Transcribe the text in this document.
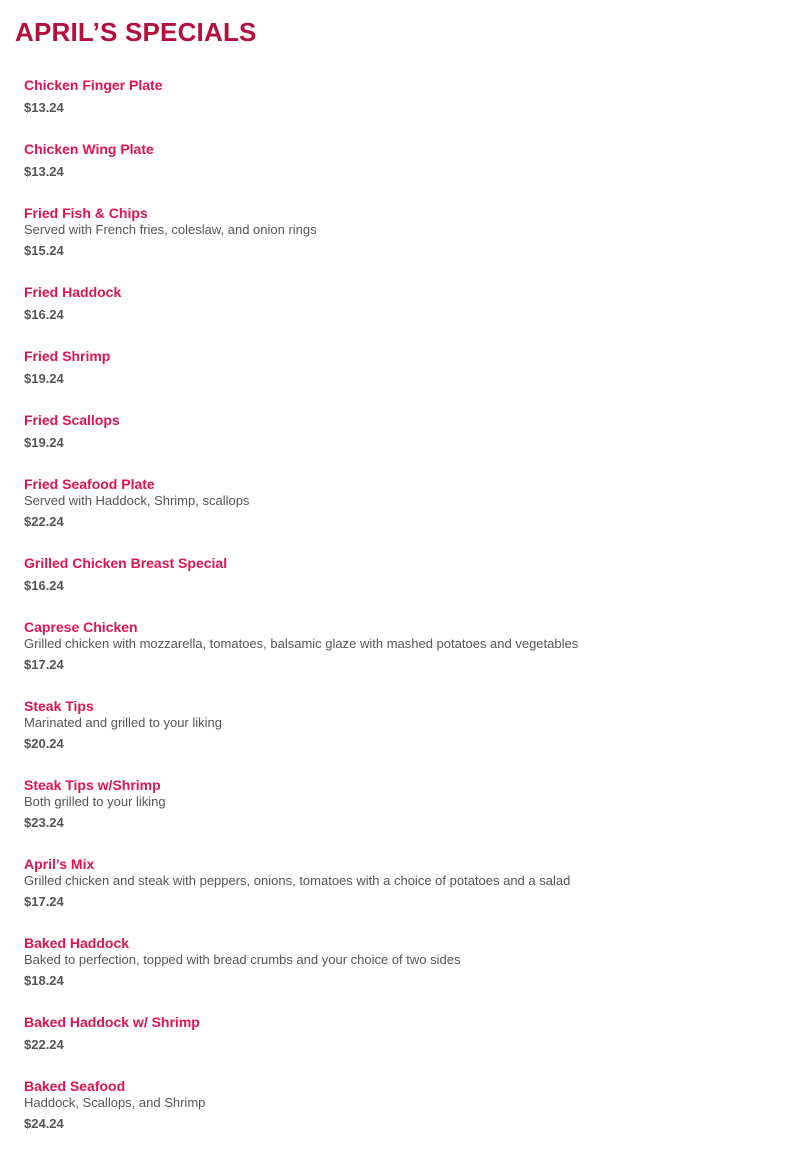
APRIL’S SPECIALS
Chicken Finger Plate
$13.24
Chicken Wing Plate
$13.24
Fried Fish & Chips
Served with French fries, coleslaw, and onion rings
$15.24
Fried Haddock
$16.24
Fried Shrimp
$19.24
Fried Scallops
$19.24
Fried Seafood Plate
Served with Haddock, Shrimp, scallops
$22.24
Grilled Chicken Breast Special
$16.24
Caprese Chicken
Grilled chicken with mozzarella, tomatoes, balsamic glaze with mashed potatoes and vegetables
$17.24
Steak Tips
Marinated and grilled to your liking
$20.24
Steak Tips w/Shrimp
Both grilled to your liking
$23.24
April’s Mix
Grilled chicken and steak with peppers, onions, tomatoes with a choice of potatoes and a salad
$17.24
Baked Haddock
Baked to perfection, topped with bread crumbs and your choice of two sides
$18.24
Baked Haddock w/ Shrimp
$22.24
Baked Seafood
Haddock, Scallops, and Shrimp
$24.24
